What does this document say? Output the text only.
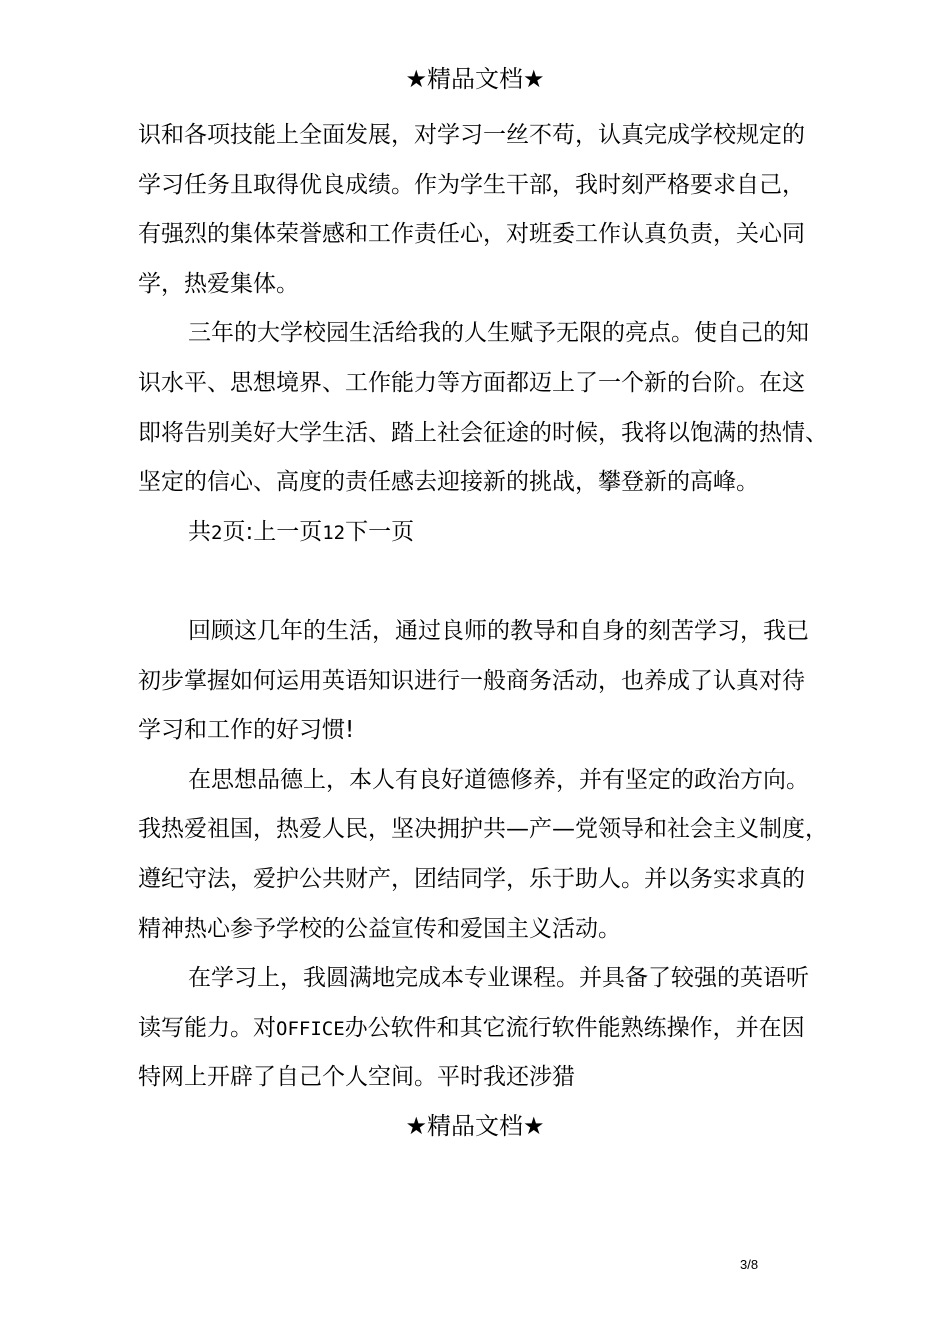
★精品文档★
识和各项技能上全面发展，对学习一丝不苟，认真完成学校规定的
学习任务且取得优良成绩。作为学生干部，我时刻严格要求自己，
有强烈的集体荣誉感和工作责任心，对班委工作认真负责，关心同
学，热爱集体。
三年的大学校园生活给我的人生赋予无限的亮点。使自己的知
识水平、思想境界、工作能力等方面都迈上了一个新的台阶。在这
即将告别美好大学生活、踏上社会征途的时候，我将以饱满的热情、
坚定的信心、高度的责任感去迎接新的挑战，攀登新的高峰。
共2页:上一页12下一页
回顾这几年的生活，通过良师的教导和自身的刻苦学习，我已
初步掌握如何运用英语知识进行一般商务活动，也养成了认真对待
学习和工作的好习惯!
在思想品德上，本人有良好道德修养，并有坚定的政治方向。
我热爱祖国，热爱人民，坚决拥护共—产—党领导和社会主义制度，
遵纪守法，爱护公共财产，团结同学，乐于助人。并以务实求真的
精神热心参予学校的公益宣传和爱国主义活动。
在学习上，我圆满地完成本专业课程。并具备了较强的英语听
读写能力。对OFFICE办公软件和其它流行软件能熟练操作，并在因
特网上开辟了自己个人空间。平时我还涉猎
★精品文档★
3/8
